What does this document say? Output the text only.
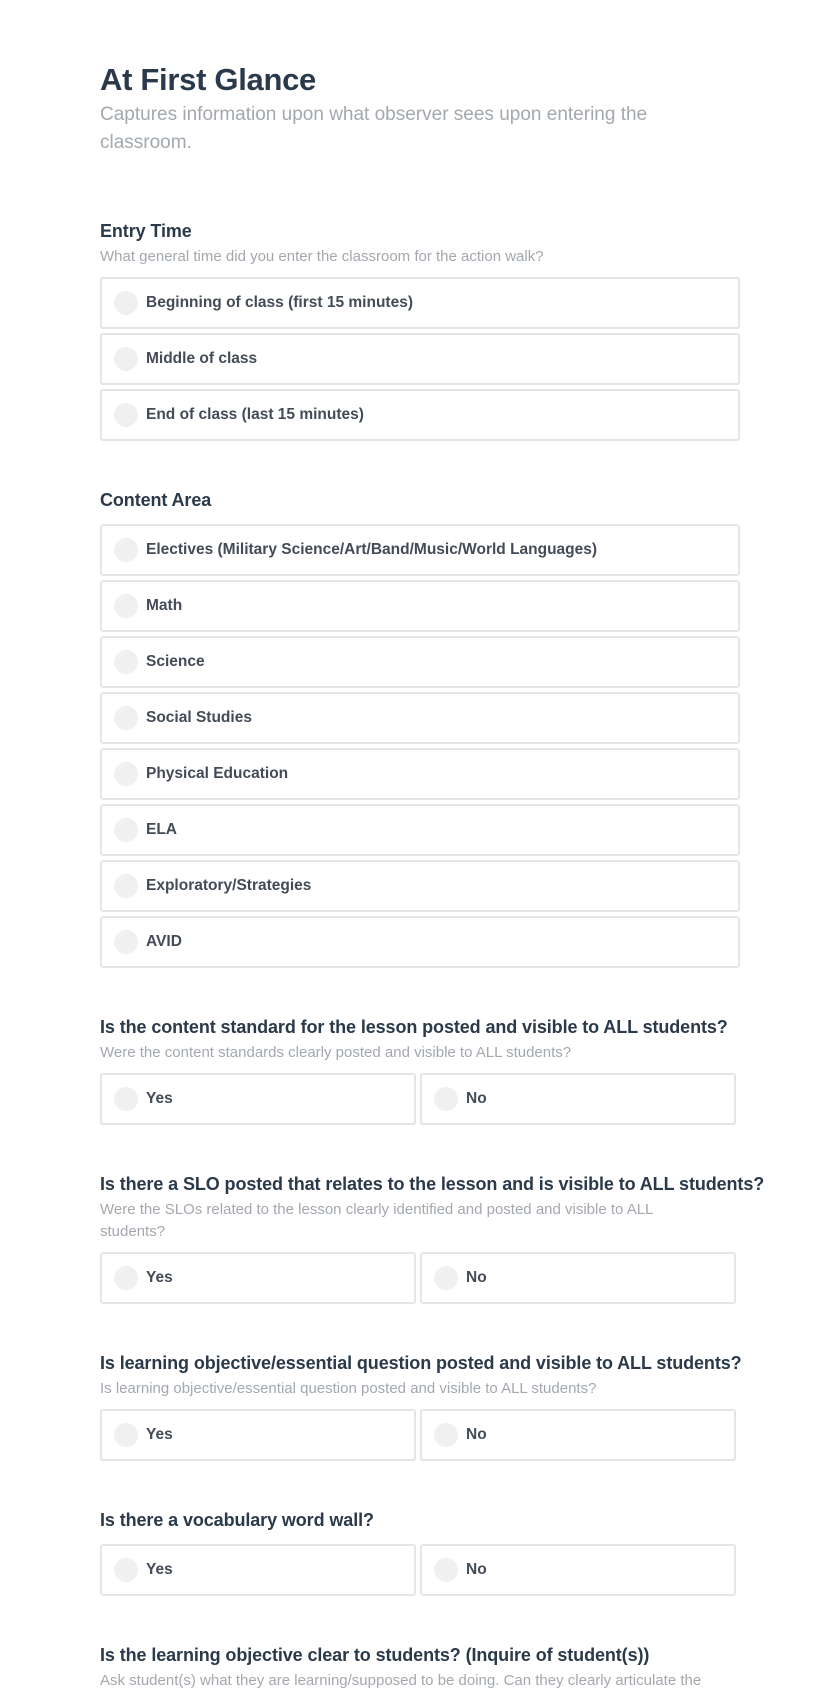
At First Glance
Captures information upon what observer sees upon entering the classroom.
Entry Time
What general time did you enter the classroom for the action walk?
Beginning of class (first 15 minutes)
Middle of class
End of class (last 15 minutes)
Content Area
Electives (Military Science/Art/Band/Music/World Languages)
Math
Science
Social Studies
Physical Education
ELA
Exploratory/Strategies
AVID
Is the content standard for the lesson posted and visible to ALL students?
Were the content standards clearly posted and visible to ALL students?
Yes	No
Is there a SLO posted that relates to the lesson and is visible to ALL students?
Were the SLOs related to the lesson clearly identified and posted and visible to ALL students?
Yes	No
Is learning objective/essential question posted and visible to ALL students?
Is learning objective/essential question posted and visible to ALL students?
Yes	No
Is there a vocabulary word wall?
Yes	No
Is the learning objective clear to students? (Inquire of student(s))
Ask student(s) what they are learning/supposed to be doing. Can they clearly articulate the
